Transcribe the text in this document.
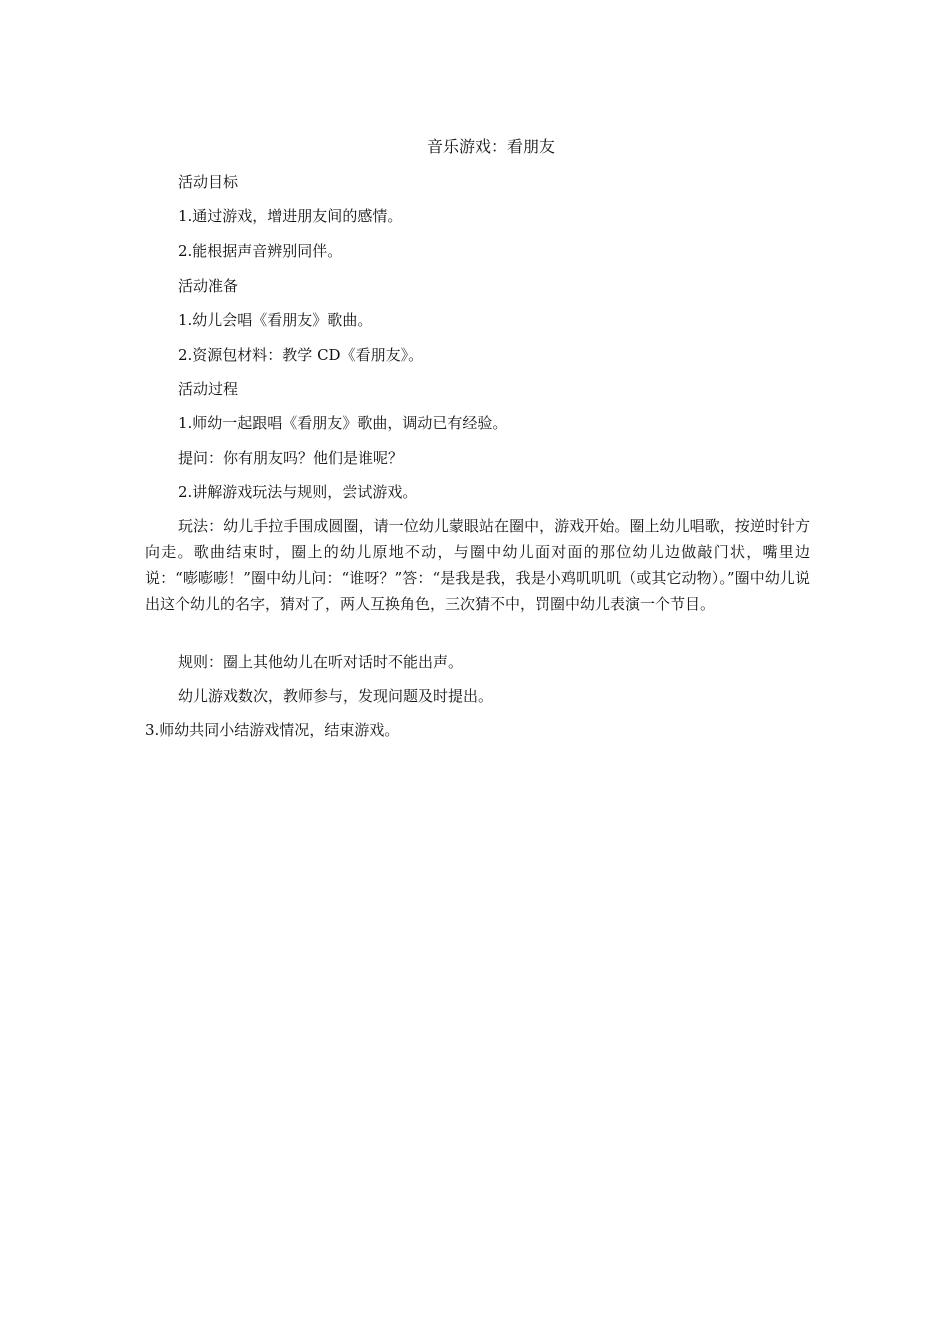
音乐游戏：看朋友
活动目标
1.通过游戏，增进朋友间的感情。
2.能根据声音辨别同伴。
活动准备
1.幼儿会唱《看朋友》歌曲。
2.资源包材料：教学 CD《看朋友》。
活动过程
1.师幼一起跟唱《看朋友》歌曲，调动已有经验。
提问：你有朋友吗？他们是谁呢？
2.讲解游戏玩法与规则，尝试游戏。
玩法：幼儿手拉手围成圆圈，请一位幼儿蒙眼站在圈中，游戏开始。圈上幼儿唱歌，按逆时针方向走。歌曲结束时，圈上的幼儿原地不动，与圈中幼儿面对面的那位幼儿边做敲门状，嘴里边说：“嘭嘭嘭！”圈中幼儿问：“谁呀？”答：“是我是我，我是小鸡叽叽叽（或其它动物）。”圈中幼儿说出这个幼儿的名字，猜对了，两人互换角色，三次猜不中，罚圈中幼儿表演一个节目。
规则：圈上其他幼儿在听对话时不能出声。
幼儿游戏数次，教师参与，发现问题及时提出。
3.师幼共同小结游戏情况，结束游戏。
